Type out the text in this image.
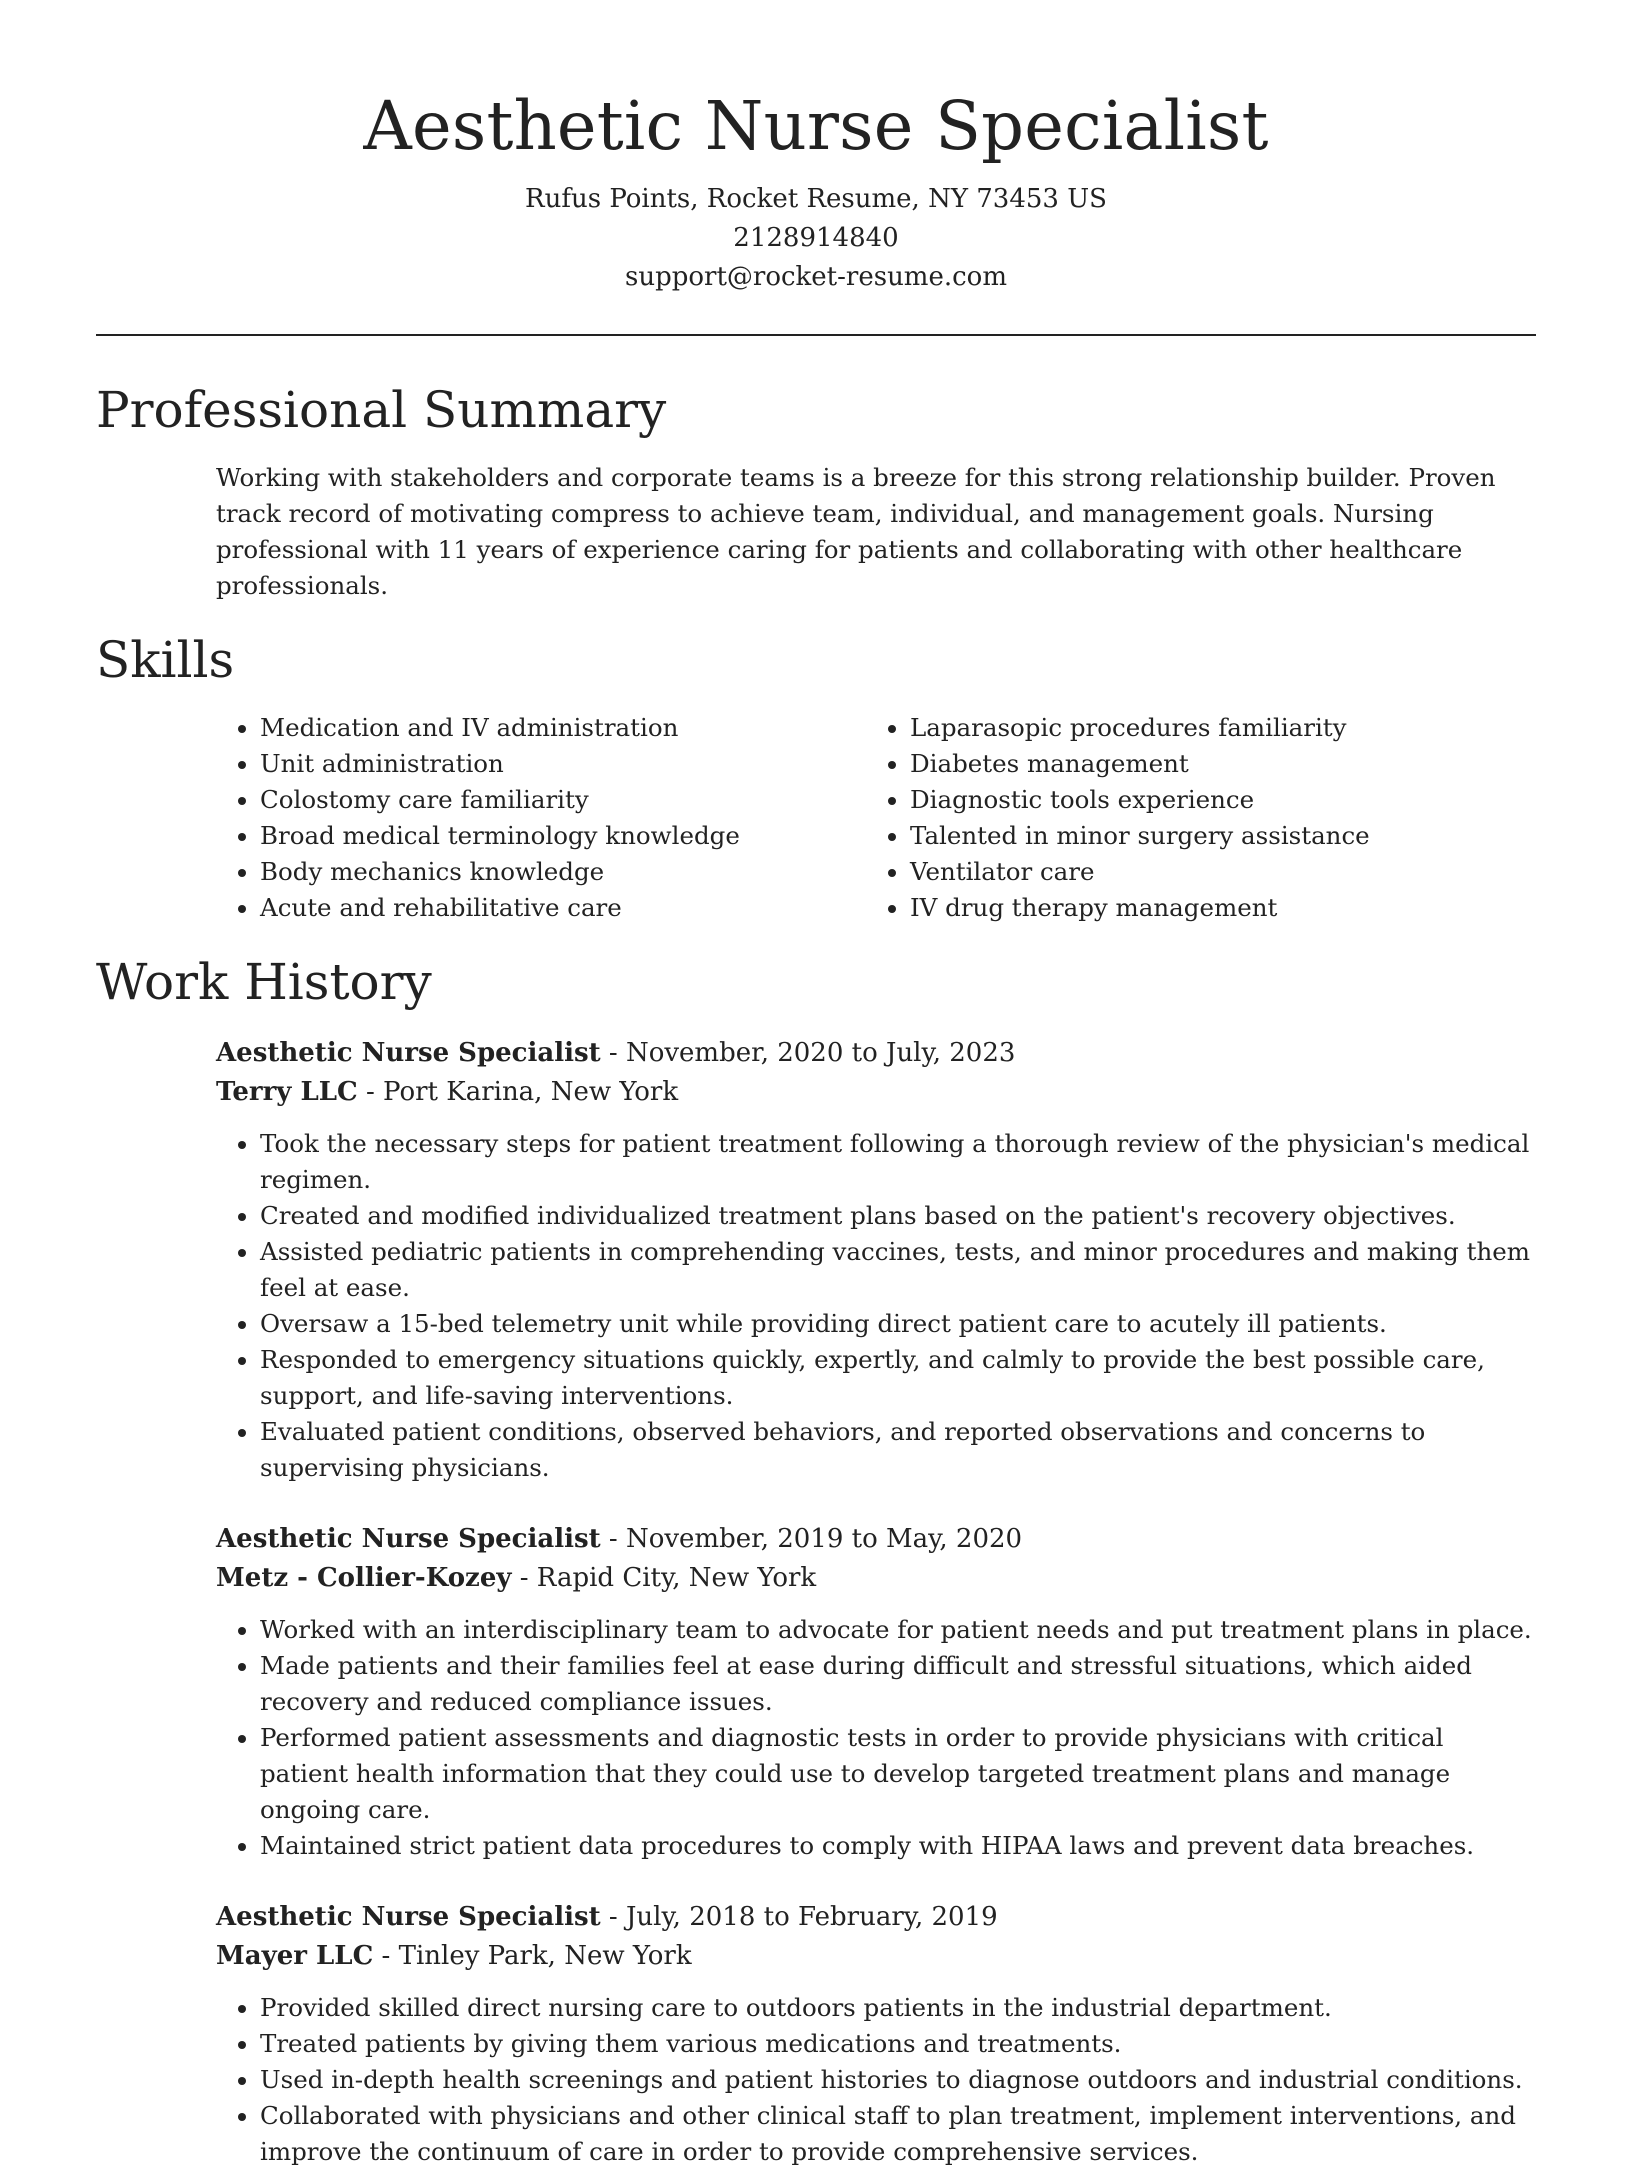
Aesthetic Nurse Specialist

Rufus Points, Rocket Resume, NY 73453 US

2128914840

support@rocket-resume.com

Professional Summary

Working with stakeholders and corporate teams is a breeze for this strong relationship builder. Proven track record of motivating compress to achieve team, individual, and management goals. Nursing professional with 11 years of experience caring for patients and collaborating with other healthcare professionals.

Skills
• Medication and IV administration
• Unit administration
• Colostomy care familiarity
• Broad medical terminology knowledge
• Body mechanics knowledge
• Acute and rehabilitative care
• Laparasopic procedures familiarity
• Diabetes management
• Diagnostic tools experience
• Talented in minor surgery assistance
• Ventilator care
• IV drug therapy management
Work History
Aesthetic Nurse Specialist - November, 2020 to July, 2023
Terry LLC - Port Karina, New York
• Took the necessary steps for patient treatment following a thorough review of the physician's medical regimen.
• Created and modified individualized treatment plans based on the patient's recovery objectives.
• Assisted pediatric patients in comprehending vaccines, tests, and minor procedures and making them feel at ease.
• Oversaw a 15-bed telemetry unit while providing direct patient care to acutely ill patients.
• Responded to emergency situations quickly, expertly, and calmly to provide the best possible care, support, and life-saving interventions.
• Evaluated patient conditions, observed behaviors, and reported observations and concerns to supervising physicians.
Aesthetic Nurse Specialist - November, 2019 to May, 2020
Metz - Collier-Kozey - Rapid City, New York
• Worked with an interdisciplinary team to advocate for patient needs and put treatment plans in place.
• Made patients and their families feel at ease during difficult and stressful situations, which aided recovery and reduced compliance issues.
• Performed patient assessments and diagnostic tests in order to provide physicians with critical patient health information that they could use to develop targeted treatment plans and manage ongoing care.
• Maintained strict patient data procedures to comply with HIPAA laws and prevent data breaches.
Aesthetic Nurse Specialist - July, 2018 to February, 2019
Mayer LLC - Tinley Park, New York
• Provided skilled direct nursing care to outdoors patients in the industrial department.
• Treated patients by giving them various medications and treatments.
• Used in-depth health screenings and patient histories to diagnose outdoors and industrial conditions.
• Collaborated with physicians and other clinical staff to plan treatment, implement interventions, and improve the continuum of care in order to provide comprehensive services.
